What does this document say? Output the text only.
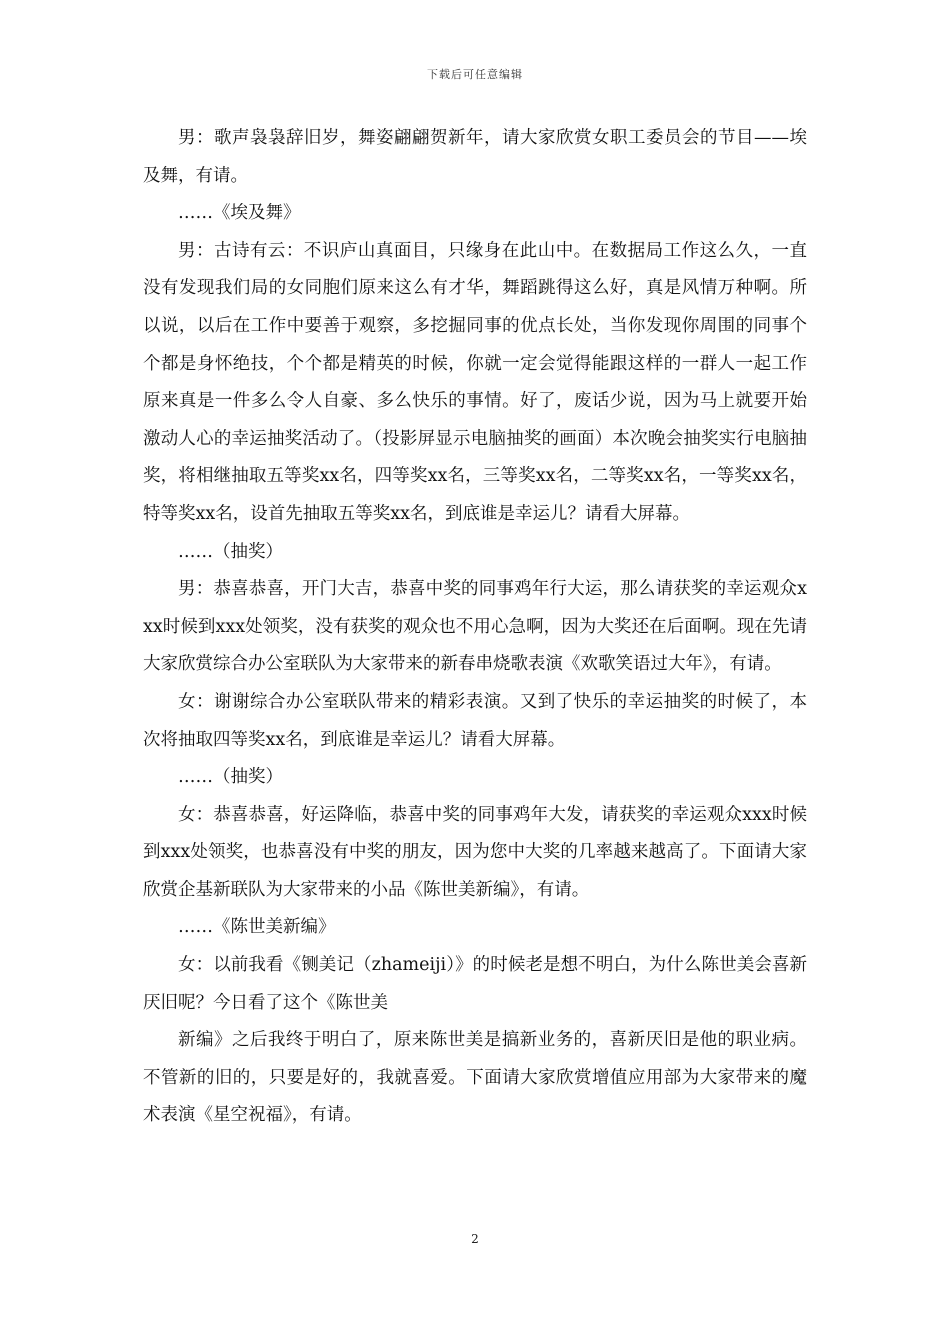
下载后可任意编辑

男：歌声袅袅辞旧岁，舞姿翩翩贺新年，请大家欣赏女职工委员会的节目——埃及舞，有请。

……《埃及舞》

男：古诗有云：不识庐山真面目，只缘身在此山中。在数据局工作这么久，一直没有发现我们局的女同胞们原来这么有才华，舞蹈跳得这么好，真是风情万种啊。所以说，以后在工作中要善于观察，多挖掘同事的优点长处，当你发现你周围的同事个个都是身怀绝技，个个都是精英的时候，你就一定会觉得能跟这样的一群人一起工作原来真是一件多么令人自豪、多么快乐的事情。好了，废话少说，因为马上就要开始激动人心的幸运抽奖活动了。（投影屏显示电脑抽奖的画面）本次晚会抽奖实行电脑抽奖，将相继抽取五等奖xx名，四等奖xx名，三等奖xx名，二等奖xx名，一等奖xx名，特等奖xx名，设首先抽取五等奖xx名，到底谁是幸运儿？请看大屏幕。

……（抽奖）

男：恭喜恭喜，开门大吉，恭喜中奖的同事鸡年行大运，那么请获奖的幸运观众xxx时候到xxx处领奖，没有获奖的观众也不用心急啊，因为大奖还在后面啊。现在先请大家欣赏综合办公室联队为大家带来的新春串烧歌表演《欢歌笑语过大年》，有请。

女：谢谢综合办公室联队带来的精彩表演。又到了快乐的幸运抽奖的时候了，本次将抽取四等奖xx名，到底谁是幸运儿？请看大屏幕。

……（抽奖）

女：恭喜恭喜，好运降临，恭喜中奖的同事鸡年大发，请获奖的幸运观众xxx时候到xxx处领奖，也恭喜没有中奖的朋友，因为您中大奖的几率越来越高了。下面请大家欣赏企基新联队为大家带来的小品《陈世美新编》，有请。

……《陈世美新编》

女：以前我看《铡美记（zhameiji）》的时候老是想不明白，为什么陈世美会喜新厌旧呢？今日看了这个《陈世美

新编》之后我终于明白了，原来陈世美是搞新业务的，喜新厌旧是他的职业病。不管新的旧的，只要是好的，我就喜爱。下面请大家欣赏增值应用部为大家带来的魔术表演《星空祝福》，有请。

2
